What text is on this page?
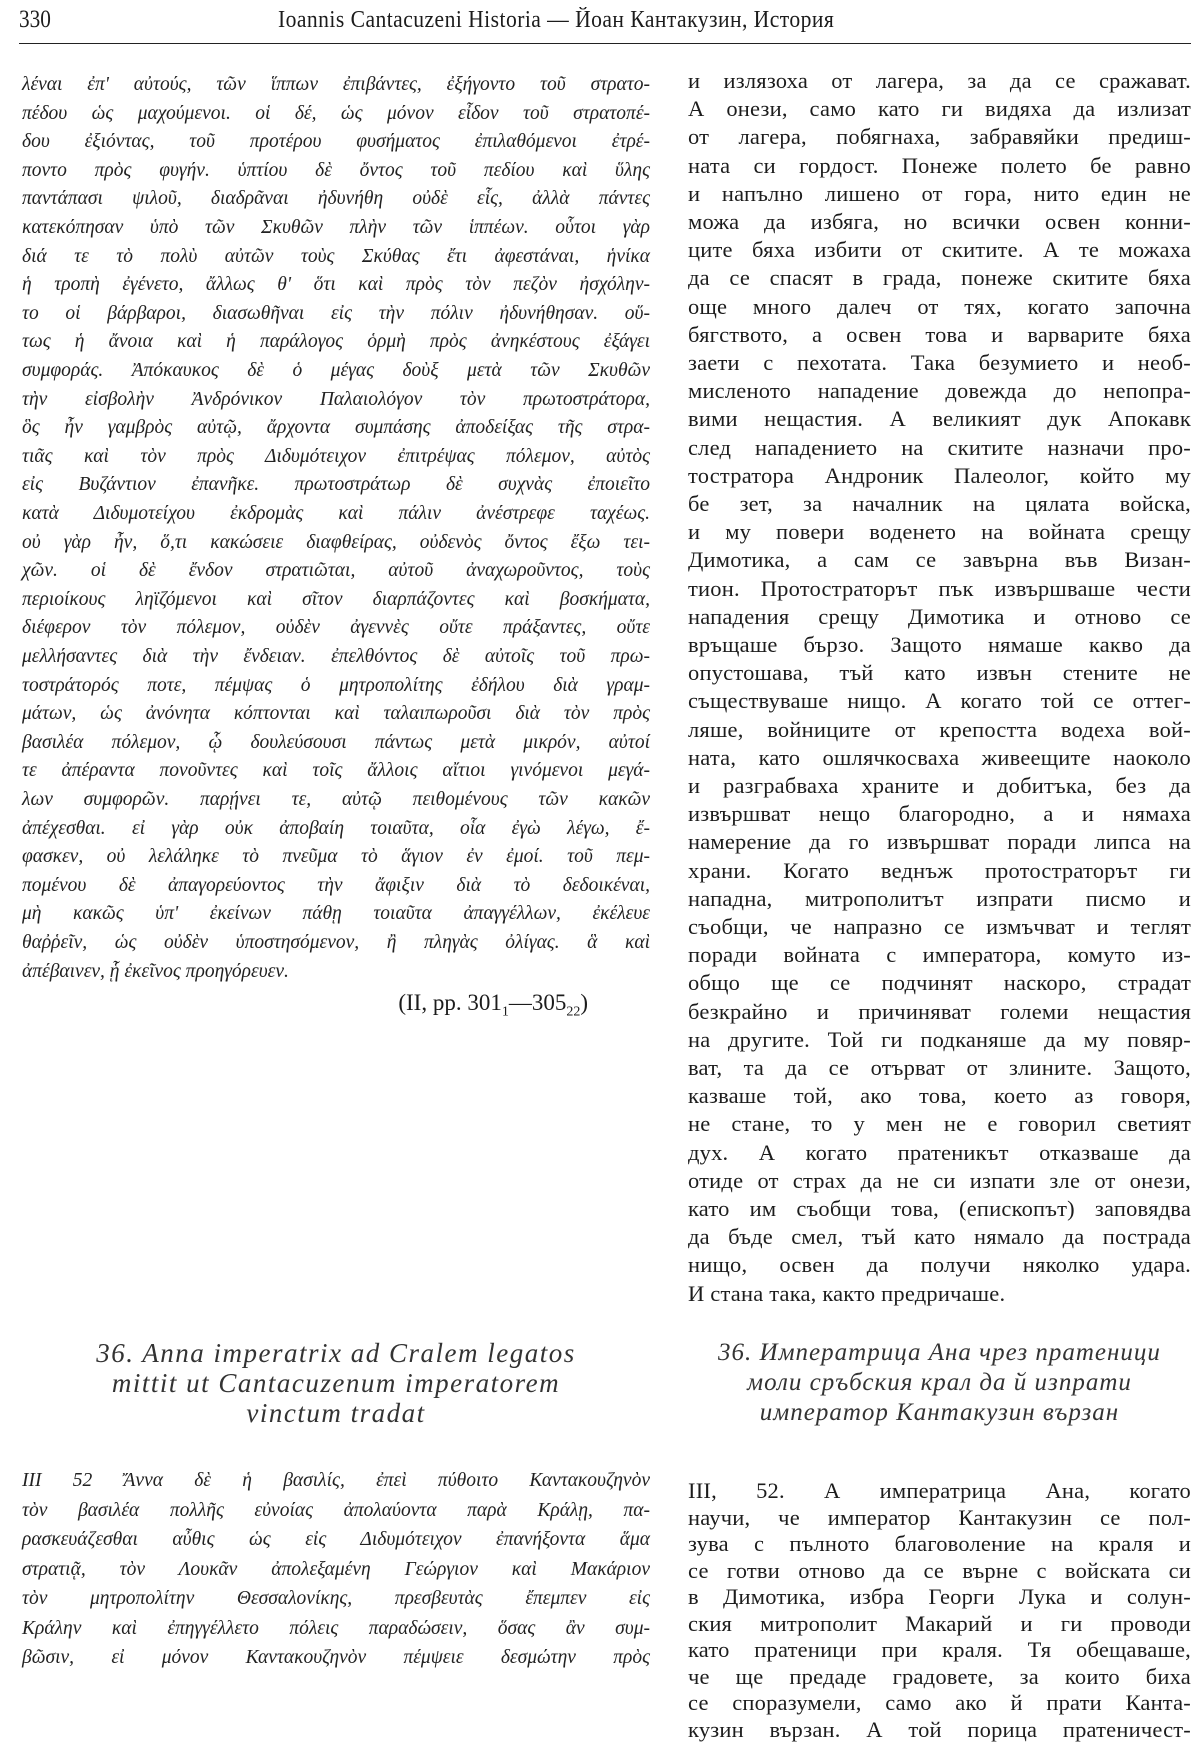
330	Ioannis Cantacuzeni Historia — Йоан Кантакузин, История
λέναι ἐπ' αὐτούς, τῶν ἵππων ἐπιβάντες, ἐξήγοντο τοῦ στρατο-
πέδου ὡς μαχούμενοι. οἱ δέ, ὡς μόνον εἶδον τοῦ στρατοπέ-
δου ἐξιόντας, τοῦ προτέρου φυσήματος ἐπιλαθόμενοι ἐτρέ-
ποντο πρὸς φυγήν. ὑπτίου δὲ ὄντος τοῦ πεδίου καὶ ὕλης
παντάπασι ψιλοῦ, διαδρᾶναι ἠδυνήθη οὐδὲ εἷς, ἀλλὰ πάντες
κατεκόπησαν ὑπὸ τῶν Σκυθῶν πλὴν τῶν ἱππέων. οὗτοι γὰρ
διά τε τὸ πολὺ αὐτῶν τοὺς Σκύθας ἔτι ἀφεστάναι, ἡνίκα
ἡ τροπὴ ἐγένετο, ἄλλως θ' ὅτι καὶ πρὸς τὸν πεζὸν ἠσχόλην-
το οἱ βάρβαροι, διασωθῆναι εἰς τὴν πόλιν ἠδυνήθησαν. οὕ-
τως ἡ ἄνοια καὶ ἡ παράλογος ὁρμὴ πρὸς ἀνηκέστους ἐξάγει
συμφοράς. Ἀπόκαυκος δὲ ὁ μέγας δοὺξ μετὰ τῶν Σκυθῶν
τὴν εἰσβολὴν Ἀνδρόνικον Παλαιολόγον τὸν πρωτοστράτορα,
ὃς ἦν γαμβρὸς αὐτῷ, ἄρχοντα συμπάσης ἀποδείξας τῆς στρα-
τιᾶς καὶ τὸν πρὸς Διδυμότειχον ἐπιτρέψας πόλεμον, αὐτὸς
εἰς Βυζάντιον ἐπανῆκε. πρωτοστράτωρ δὲ συχνὰς ἐποιεῖτο
κατὰ Διδυμοτείχου ἐκδρομὰς καὶ πάλιν ἀνέστρεφε ταχέως.
οὐ γὰρ ἦν, ὅ,τι κακώσειε διαφθείρας, οὐδενὸς ὄντος ἔξω τει-
χῶν. οἱ δὲ ἔνδον στρατιῶται, αὐτοῦ ἀναχωροῦντος, τοὺς
περιοίκους ληϊζόμενοι καὶ σῖτον διαρπάζοντες καὶ βοσκήματα,
διέφερον τὸν πόλεμον, οὐδὲν ἀγεννὲς οὔτε πράξαντες, οὔτε
μελλήσαντες διὰ τὴν ἔνδειαν. ἐπελθόντος δὲ αὐτοῖς τοῦ πρω-
τοστράτορός ποτε, πέμψας ὁ μητροπολίτης ἐδήλου διὰ γραμ-
μάτων, ὡς ἀνόνητα κόπτονται καὶ ταλαιπωροῦσι διὰ τὸν πρὸς
βασιλέα πόλεμον, ᾧ δουλεύσουσι πάντως μετὰ μικρόν, αὐτοί
τε ἀπέραντα πονοῦντες καὶ τοῖς ἄλλοις αἴτιοι γινόμενοι μεγά-
λων συμφορῶν. παρῄνει τε, αὐτῷ πειθομένους τῶν κακῶν
ἀπέχεσθαι. εἰ γὰρ οὐκ ἀποβαίη τοιαῦτα, οἷα ἐγὼ λέγω, ἔ-
φασκεν, οὐ λελάληκε τὸ πνεῦμα τὸ ἅγιον ἐν ἐμοί. τοῦ πεμ-
πομένου δὲ ἀπαγορεύοντος τὴν ἄφιξιν διὰ τὸ δεδοικέναι,
μὴ κακῶς ὑπ' ἐκείνων πάθῃ τοιαῦτα ἀπαγγέλλων, ἐκέλευε
θαῤῥεῖν, ὡς οὐδὲν ὑποστησόμενον, ἢ πληγὰς ὀλίγας. ἃ καὶ
ἀπέβαινεν, ᾗ ἐκεῖνος προηγόρευεν.
(II, pp. $301_1—305_{22}$)
и излязоха от лагера, за да се сражават.
А онези, само като ги видяха да излизат
от лагера, побягнаха, забравяйки предиш-
ната си гордост. Понеже полето бе равно
и напълно лишено от гора, нито един не
можа да избяга, но всички освен конни-
ците бяха избити от скитите. А те можаха
да се спасят в града, понеже скитите бяха
още много далеч от тях, когато започна
бягството, а освен това и варварите бяха
заети с пехотата. Така безумието и необ-
мисленото нападение довежда до непопра-
вими нещастия. А великият дук Апокавк
след нападението на скитите назначи про-
тостратора Андроник Палеолог, който му
бе зет, за началник на цялата войска,
и му повери воденето на войната срещу
Димотика, а сам се завърна във Визан-
тион. Протостраторът пък извършваше чести
нападения срещу Димотика и отново се
връщаше бързо. Защото нямаше какво да
опустошава, тъй като извън стените не
съществуваше нищо. А когато той се оттег-
ляше, войниците от крепостта водеха вой-
ната, като ошлячкосваха живеещите наоколо
и разграбваха храните и добитъка, без да
извършват нещо благородно, а и нямаха
намерение да го извършват поради липса на
храни. Когато веднъж протостраторът ги
нападна, митрополитът изпрати писмо и
съобщи, че напразно се измъчват и теглят
поради войната с императора, комуто из-
общо ще се подчинят наскоро, страдат
безкрайно и причиняват големи нещастия
на другите. Той ги подканяше да му повяр-
ват, та да се отърват от злините. Защото,
казваше той, ако това, което аз говоря,
не стане, то у мен не е говорил светият
дух. А когато пратеникът отказваше да
отиде от страх да не си изпати зле от онези,
като им съобщи това, (епископът) заповядва
да бъде смел, тъй като нямало да пострада
нищо, освен да получи няколко удара.
И стана така, както предричаше.
36. Anna imperatrix ad Cralem legatos
mittit ut Cantacuzenum imperatorem
vinctum tradat
36. Императрица Ана чрез пратеници
моли сръбския крал да й изпрати
император Кантакузин вързан
ΙΙΙ 52 Ἄννα δὲ ἡ βασιλίς, ἐπεὶ πύθοιτο Καντακουζηνὸν
τὸν βασιλέα πολλῆς εὐνοίας ἀπολαύοντα παρὰ Κράλῃ, πα-
ρασκευάζεσθαι αὖθις ὡς εἰς Διδυμότειχον ἐπανήξοντα ἅμα
στρατιᾷ, τὸν Λουκᾶν ἀπολεξαμένη Γεώργιον καὶ Μακάριον
τὸν μητροπολίτην Θεσσαλονίκης, πρεσβευτὰς ἔπεμπεν εἰς
Κράλην καὶ ἐπηγγέλλετο πόλεις παραδώσειν, ὅσας ἂν συμ-
βῶσιν, εἰ μόνον Καντακουζηνὸν πέμψειε δεσμώτην πρὸς
III, 52. А императрица Ана, когато
научи, че император Кантакузин се пол-
зува с пълното благоволение на краля и
се готви отново да се върне с войската си
в Димотика, избра Георги Лука и солун-
ския митрополит Макарий и ги проводи
като пратеници при краля. Тя обещаваше,
че ще предаде градовете, за които биха
се споразумели, само ако й прати Канта-
кузин вързан. А той порица пратеничест-
